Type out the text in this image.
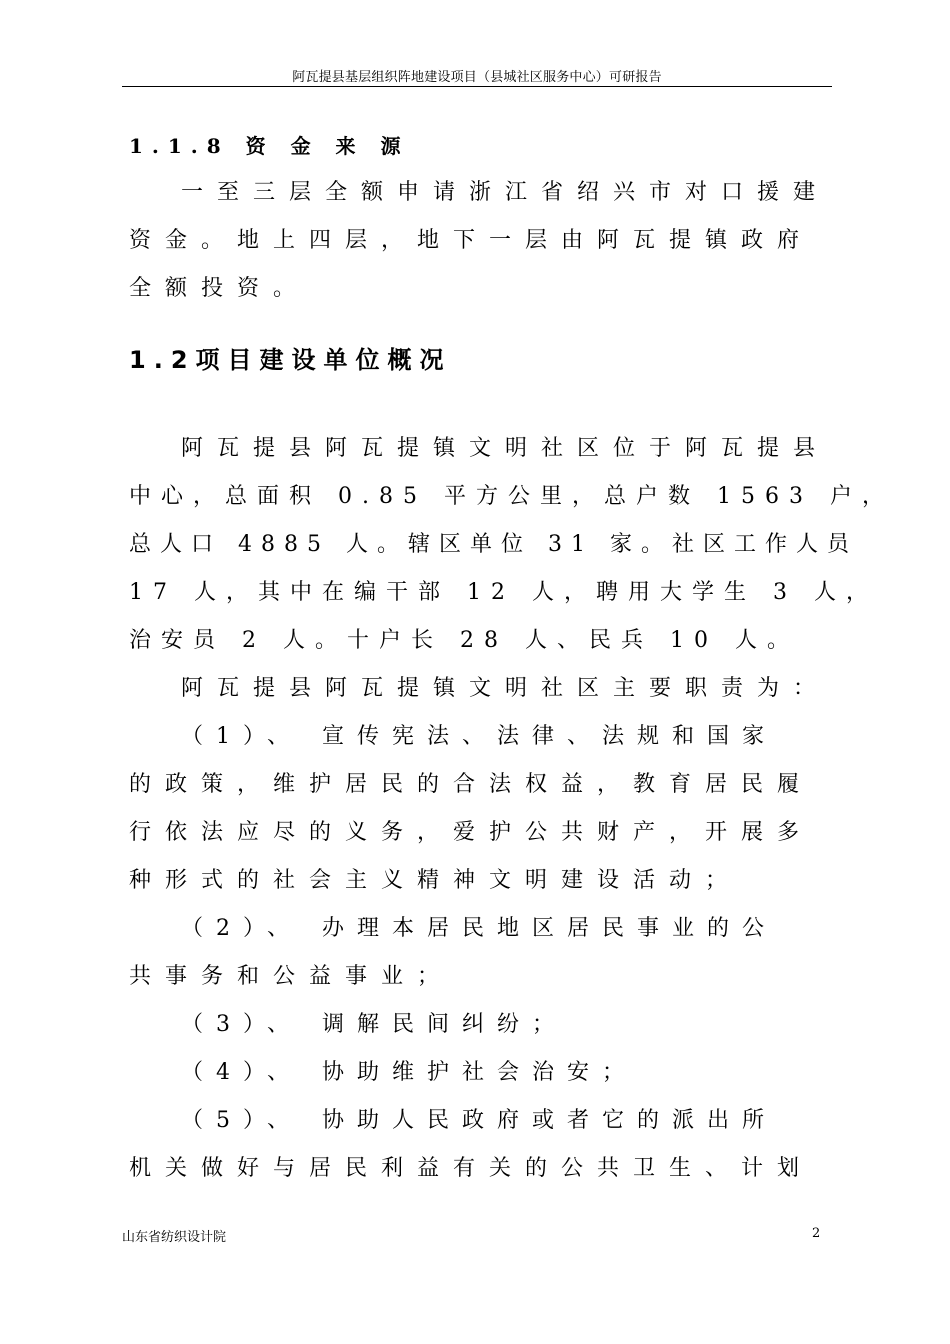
阿瓦提县基层组织阵地建设项目（县城社区服务中心）可研报告
1.1.8 资 金 来 源

一至三层全额申请浙江省绍兴市对口援建

资金。地上四层，地下一层由阿瓦提镇政府

全额投资。

1.2项目建设单位概况

阿瓦提县阿瓦提镇文明社区位于阿瓦提县

中心，总面积 0.85 平方公里，总户数 1563 户，

总人口 4885 人。辖区单位 31 家。社区工作人员

17 人，其中在编干部 12 人，聘用大学生 3 人，

治安员 2 人。十户长 28 人、民兵 10 人。

阿瓦提县阿瓦提镇文明社区主要职责为：

（1）、 宣传宪法、法律、法规和国家

的政策，维护居民的合法权益，教育居民履

行依法应尽的义务，爱护公共财产，开展多

种形式的社会主义精神文明建设活动；

（2）、 办理本居民地区居民事业的公

共事务和公益事业；

（3）、 调解民间纠纷；

（4）、 协助维护社会治安；

（5）、 协助人民政府或者它的派出所

机关做好与居民利益有关的公共卫生、计划

山东省纺织设计院	2
